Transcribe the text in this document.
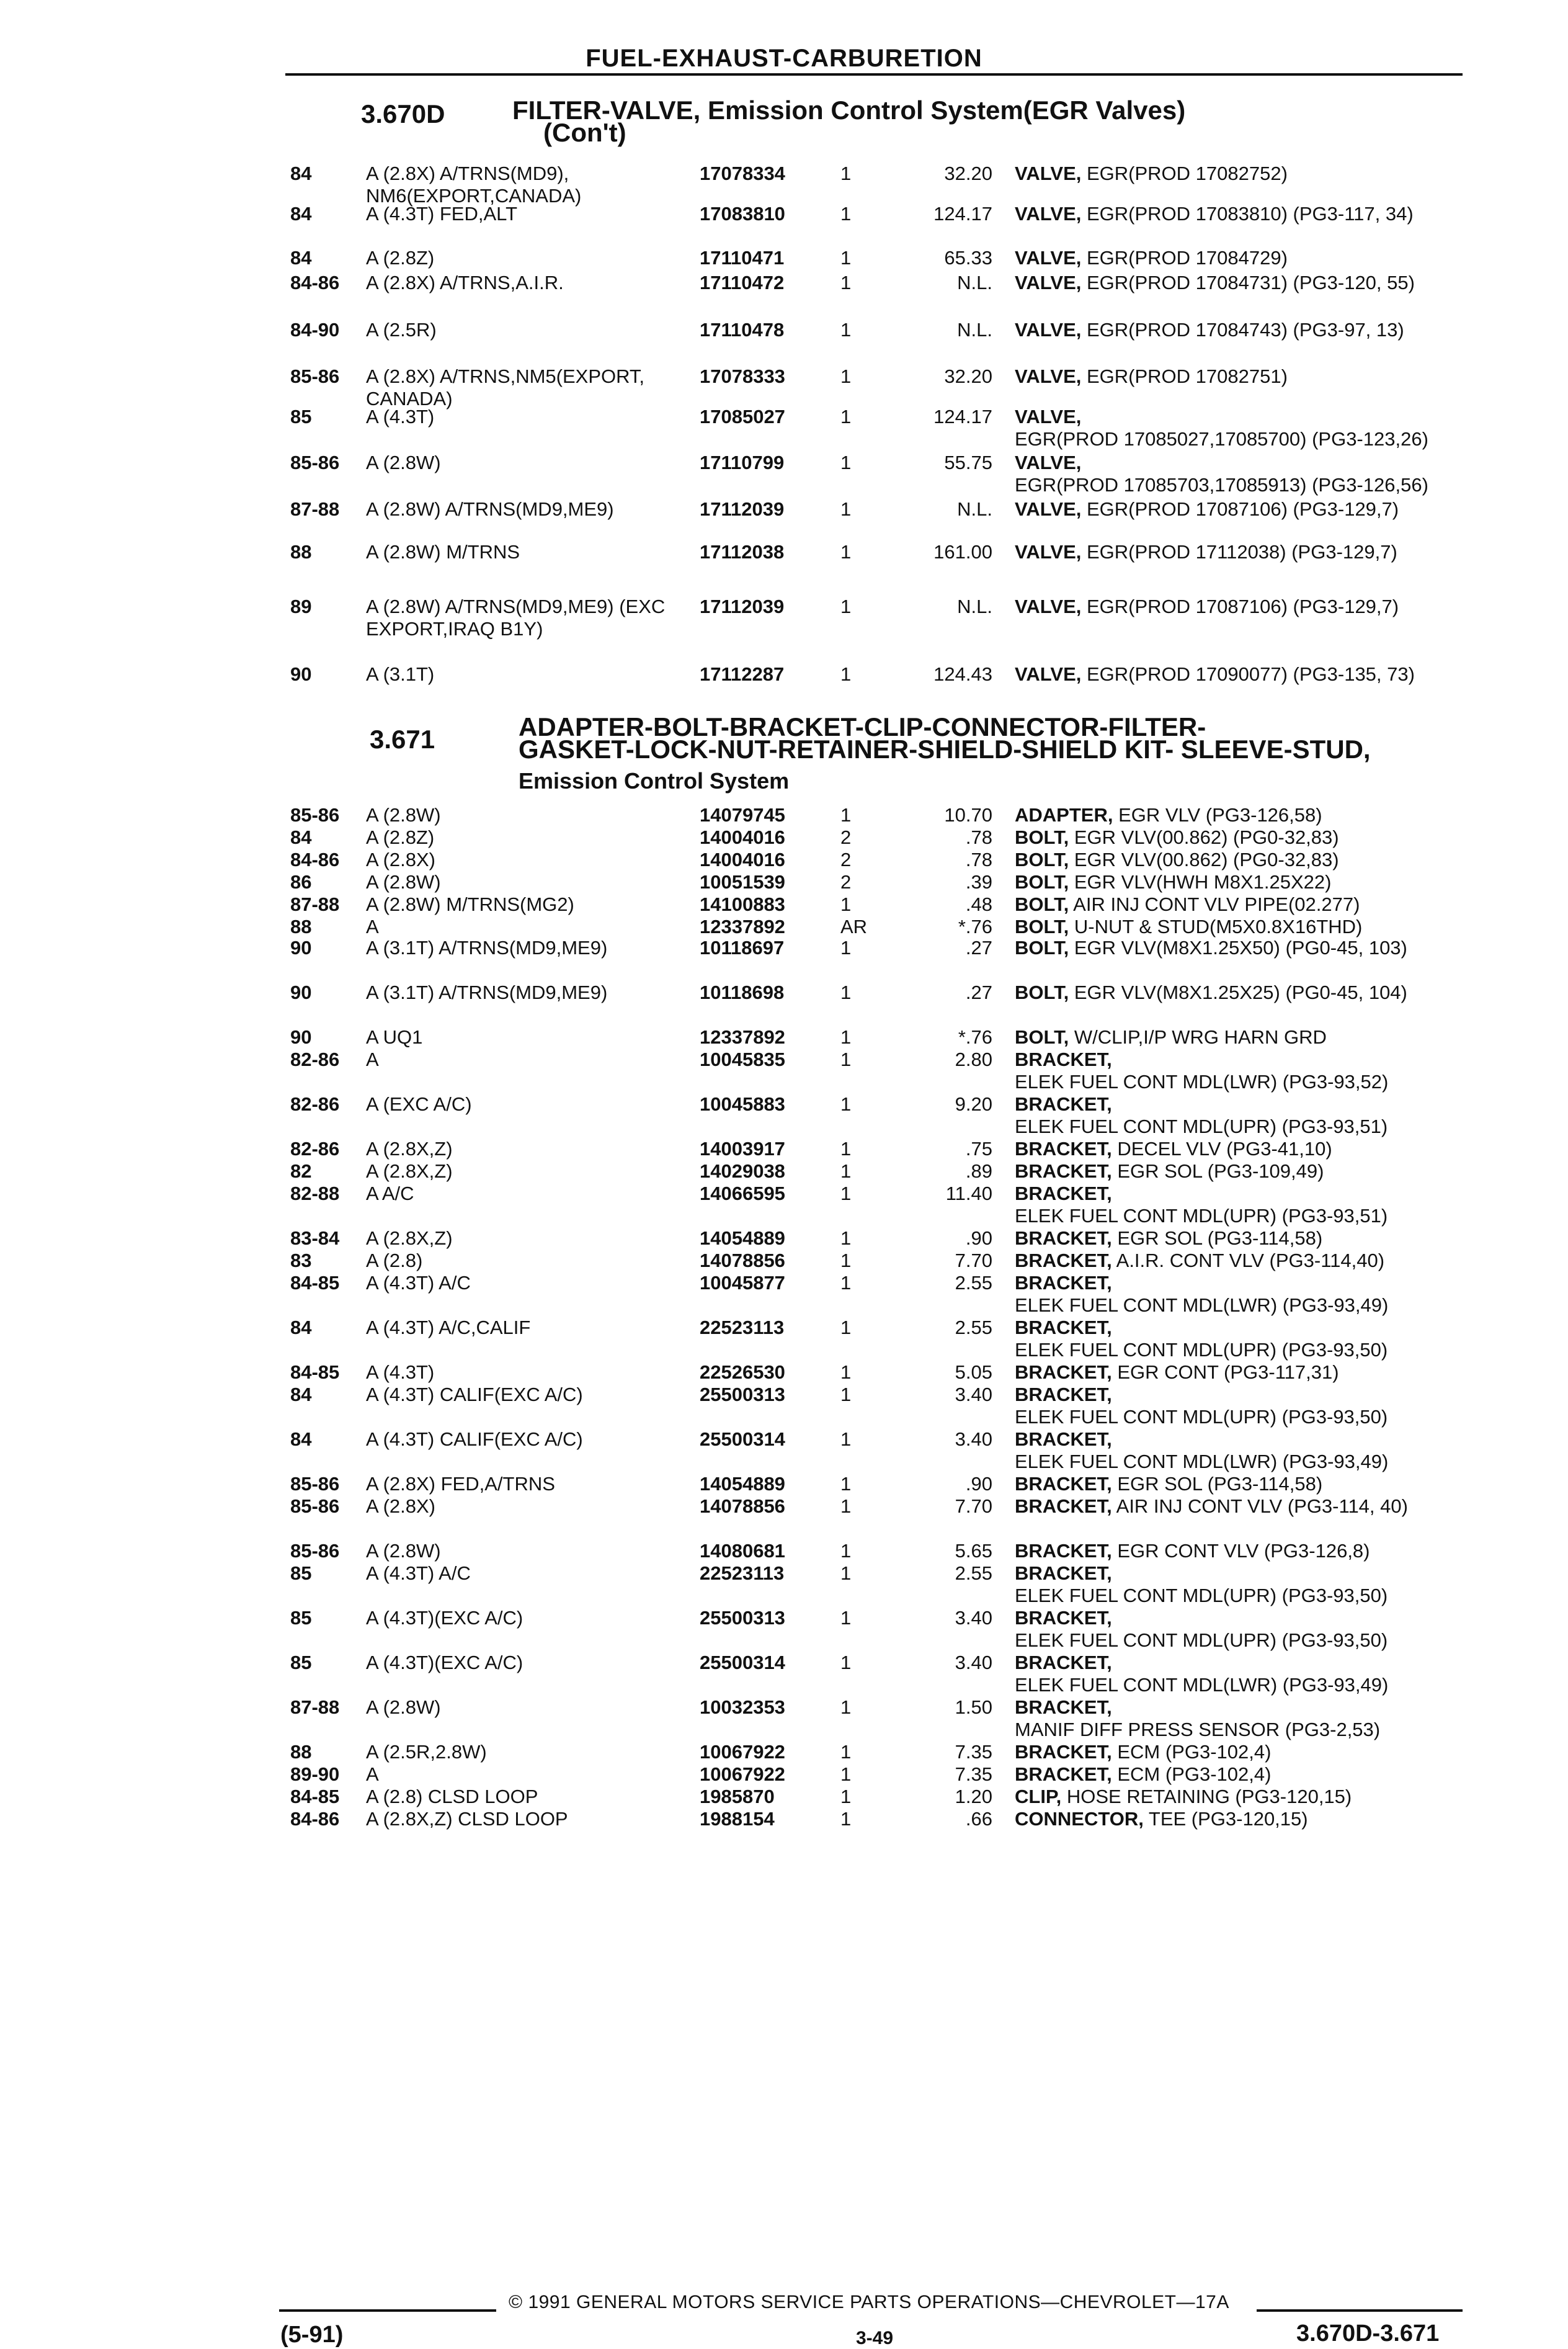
FUEL-EXHAUST-CARBURETION
3.670D	FILTER-VALVE, Emission Control System(EGR Valves)
(Con't)
84	A (2.8X) A/TRNS(MD9), NM6(EXPORT,CANADA)
17078334	1	32.20 VALVE, EGR(PROD 17082752)
84	A (4.3T) FED,ALT	17083810	1	124.17 VALVE, EGR(PROD 17083810) (PG3-117, 34)
84	A (2.8Z)	17110471	1	65.33 VALVE, EGR(PROD 17084729)
84-86 A (2.8X) A/TRNS,A.I.R.	17110472	1	N.L. VALVE, EGR(PROD 17084731) (PG3-120, 55)
84-90 A (2.5R)	17110478	1	N.L. VALVE, EGR(PROD 17084743) (PG3-97, 13)
85-86 A (2.8X) A/TRNS,NM5(EXPORT, CANADA)
17078333	1	32.20 VALVE, EGR(PROD 17082751)
85	A (4.3T)	17085027	1	124.17 VALVE, EGR(PROD 17085027,17085700) (PG3-123,26)
85-86 A (2.8W)	17110799	1	55.75 VALVE, EGR(PROD 17085703,17085913) (PG3-126,56)
87-88 A (2.8W) A/TRNS(MD9,ME9)	17112039	1	N.L. VALVE, EGR(PROD 17087106) (PG3-129,7)
88	A (2.8W) M/TRNS	17112038	1	161.00 VALVE, EGR(PROD 17112038) (PG3-129,7)
89	A (2.8W) A/TRNS(MD9,ME9) (EXC EXPORT,IRAQ B1Y)
17112039	1	N.L. VALVE, EGR(PROD 17087106) (PG3-129,7)
90	A (3.1T)	17112287	1	124.43 VALVE, EGR(PROD 17090077) (PG3-135, 73)
3.671	ADAPTER-BOLT-BRACKET-CLIP-CONNECTOR-FILTER-
GASKET-LOCK-NUT-RETAINER-SHIELD-SHIELD KIT- SLEEVE-STUD,
Emission Control System
85-86 A (2.8W)	14079745	1	10.70 ADAPTER, EGR VLV (PG3-126,58)
84	A (2.8Z)	14004016	2	.78 BOLT, EGR VLV(00.862) (PG0-32,83)
84-86 A (2.8X)	14004016	2	.78 BOLT, EGR VLV(00.862) (PG0-32,83)
86	A (2.8W)	10051539	2	.39 BOLT, EGR VLV(HWH M8X1.25X22)
87-88 A (2.8W) M/TRNS(MG2)	14100883	1	.48 BOLT, AIR INJ CONT VLV PIPE(02.277)
88	A	12337892	AR	*.76 BOLT, U-NUT & STUD(M5X0.8X16THD)
90	A (3.1T) A/TRNS(MD9,ME9)	10118697	1	.27 BOLT, EGR VLV(M8X1.25X50) (PG0-45, 103)
90	A (3.1T) A/TRNS(MD9,ME9)	10118698	1	.27 BOLT, EGR VLV(M8X1.25X25) (PG0-45, 104)
90	A UQ1	12337892	1	*.76 BOLT, W/CLIP,I/P WRG HARN GRD
82-86 A	10045835	1	2.80 BRACKET, ELEK FUEL CONT MDL(LWR) (PG3-93,52)
82-86 A (EXC A/C)	10045883	1	9.20 BRACKET, ELEK FUEL CONT MDL(UPR) (PG3-93,51)
82-86 A (2.8X,Z)	14003917	1	.75 BRACKET, DECEL VLV (PG3-41,10)
82	A (2.8X,Z)	14029038	1	.89 BRACKET, EGR SOL (PG3-109,49)
82-88 A A/C	14066595	1	11.40 BRACKET, ELEK FUEL CONT MDL(UPR) (PG3-93,51)
83-84 A (2.8X,Z)	14054889	1	.90 BRACKET, EGR SOL (PG3-114,58)
83	A (2.8)	14078856	1	7.70 BRACKET, A.I.R. CONT VLV (PG3-114,40)
84-85 A (4.3T) A/C	10045877	1	2.55 BRACKET, ELEK FUEL CONT MDL(LWR) (PG3-93,49)
84	A (4.3T) A/C,CALIF	22523113	1	2.55 BRACKET, ELEK FUEL CONT MDL(UPR) (PG3-93,50)
84-85 A (4.3T)	22526530	1	5.05 BRACKET, EGR CONT (PG3-117,31)
84	A (4.3T) CALIF(EXC A/C)	25500313	1	3.40 BRACKET, ELEK FUEL CONT MDL(UPR) (PG3-93,50)
84	A (4.3T) CALIF(EXC A/C)	25500314	1	3.40 BRACKET, ELEK FUEL CONT MDL(LWR) (PG3-93,49)
85-86 A (2.8X) FED,A/TRNS	14054889	1	.90 BRACKET, EGR SOL (PG3-114,58)
85-86 A (2.8X)	14078856	1	7.70 BRACKET, AIR INJ CONT VLV (PG3-114, 40)
85-86 A (2.8W)	14080681	1	5.65 BRACKET, EGR CONT VLV (PG3-126,8)
85	A (4.3T) A/C	22523113	1	2.55 BRACKET, ELEK FUEL CONT MDL(UPR) (PG3-93,50)
85	A (4.3T)(EXC A/C)	25500313	1	3.40 BRACKET, ELEK FUEL CONT MDL(UPR) (PG3-93,50)
85	A (4.3T)(EXC A/C)	25500314	1	3.40 BRACKET, ELEK FUEL CONT MDL(LWR) (PG3-93,49)
87-88 A (2.8W)	10032353	1	1.50 BRACKET, MANIF DIFF PRESS SENSOR (PG3-2,53)
88	A (2.5R,2.8W)	10067922	1	7.35 BRACKET, ECM (PG3-102,4)
89-90 A	10067922	1	7.35 BRACKET, ECM (PG3-102,4)
84-85 A (2.8) CLSD LOOP	1985870	1	1.20 CLIP, HOSE RETAINING (PG3-120,15)
84-86 A (2.8X,Z) CLSD LOOP	1988154	1	.66 CONNECTOR, TEE (PG3-120,15)
© 1991 GENERAL MOTORS SERVICE PARTS OPERATIONS—CHEVROLET—17A
(5-91)	3-49	3.670D-3.671
